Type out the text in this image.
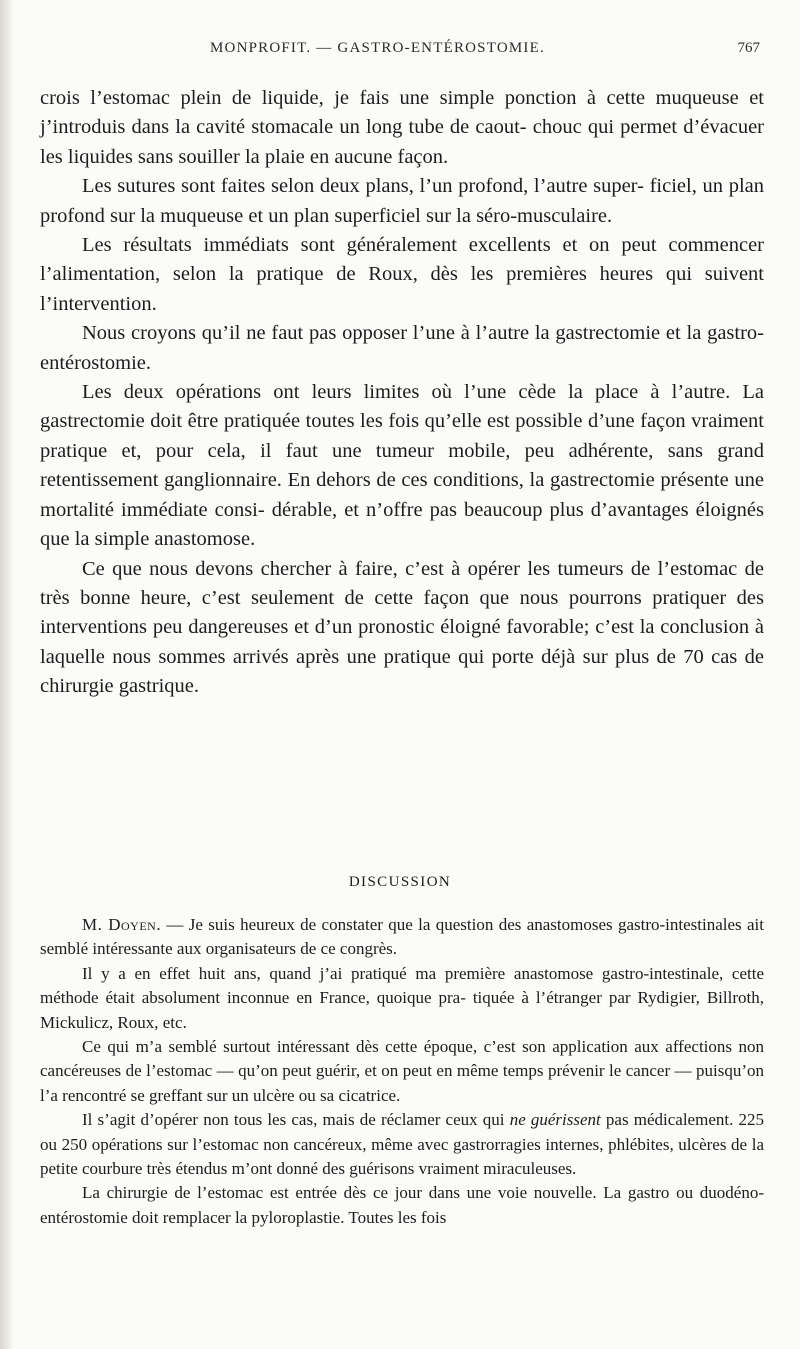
MONPROFIT. — GASTRO-ENTÉROSTOMIE.	767

crois l’estomac plein de liquide, je fais une simple ponction à cette muqueuse et j’introduis dans la cavité stomacale un long tube de caout- chouc qui permet d’évacuer les liquides sans souiller la plaie en aucune façon.

Les sutures sont faites selon deux plans, l’un profond, l’autre super- ficiel, un plan profond sur la muqueuse et un plan superficiel sur la séro-musculaire.

Les résultats immédiats sont généralement excellents et on peut commencer l’alimentation, selon la pratique de Roux, dès les premières heures qui suivent l’intervention.

Nous croyons qu’il ne faut pas opposer l’une à l’autre la gastrectomie et la gastro-entérostomie.

Les deux opérations ont leurs limites où l’une cède la place à l’autre. La gastrectomie doit être pratiquée toutes les fois qu’elle est possible d’une façon vraiment pratique et, pour cela, il faut une tumeur mobile, peu adhérente, sans grand retentissement ganglionnaire. En dehors de ces conditions, la gastrectomie présente une mortalité immédiate consi- dérable, et n’offre pas beaucoup plus d’avantages éloignés que la simple anastomose.

Ce que nous devons chercher à faire, c’est à opérer les tumeurs de l’estomac de très bonne heure, c’est seulement de cette façon que nous pourrons pratiquer des interventions peu dangereuses et d’un pronostic éloigné favorable; c’est la conclusion à laquelle nous sommes arrivés après une pratique qui porte déjà sur plus de 70 cas de chirurgie gastrique.

DISCUSSION

M. Doyen. — Je suis heureux de constater que la question des anastomoses gastro-intestinales ait semblé intéressante aux organisateurs de ce congrès.

Il y a en effet huit ans, quand j’ai pratiqué ma première anastomose gastro-intestinale, cette méthode était absolument inconnue en France, quoique pra- tiquée à l’étranger par Rydigier, Billroth, Mickulicz, Roux, etc.

Ce qui m’a semblé surtout intéressant dès cette époque, c’est son application aux affections non cancéreuses de l’estomac — qu’on peut guérir, et on peut en même temps prévenir le cancer — puisqu’on l’a rencontré se greffant sur un ulcère ou sa cicatrice.

Il s’agit d’opérer non tous les cas, mais de réclamer ceux qui ne guérissent pas médicalement. 225 ou 250 opérations sur l’estomac non cancéreux, même avec gastrorragies internes, phlébites, ulcères de la petite courbure très étendus m’ont donné des guérisons vraiment miraculeuses.

La chirurgie de l’estomac est entrée dès ce jour dans une voie nouvelle. La gastro ou duodéno-entérostomie doit remplacer la pyloroplastie. Toutes les fois
